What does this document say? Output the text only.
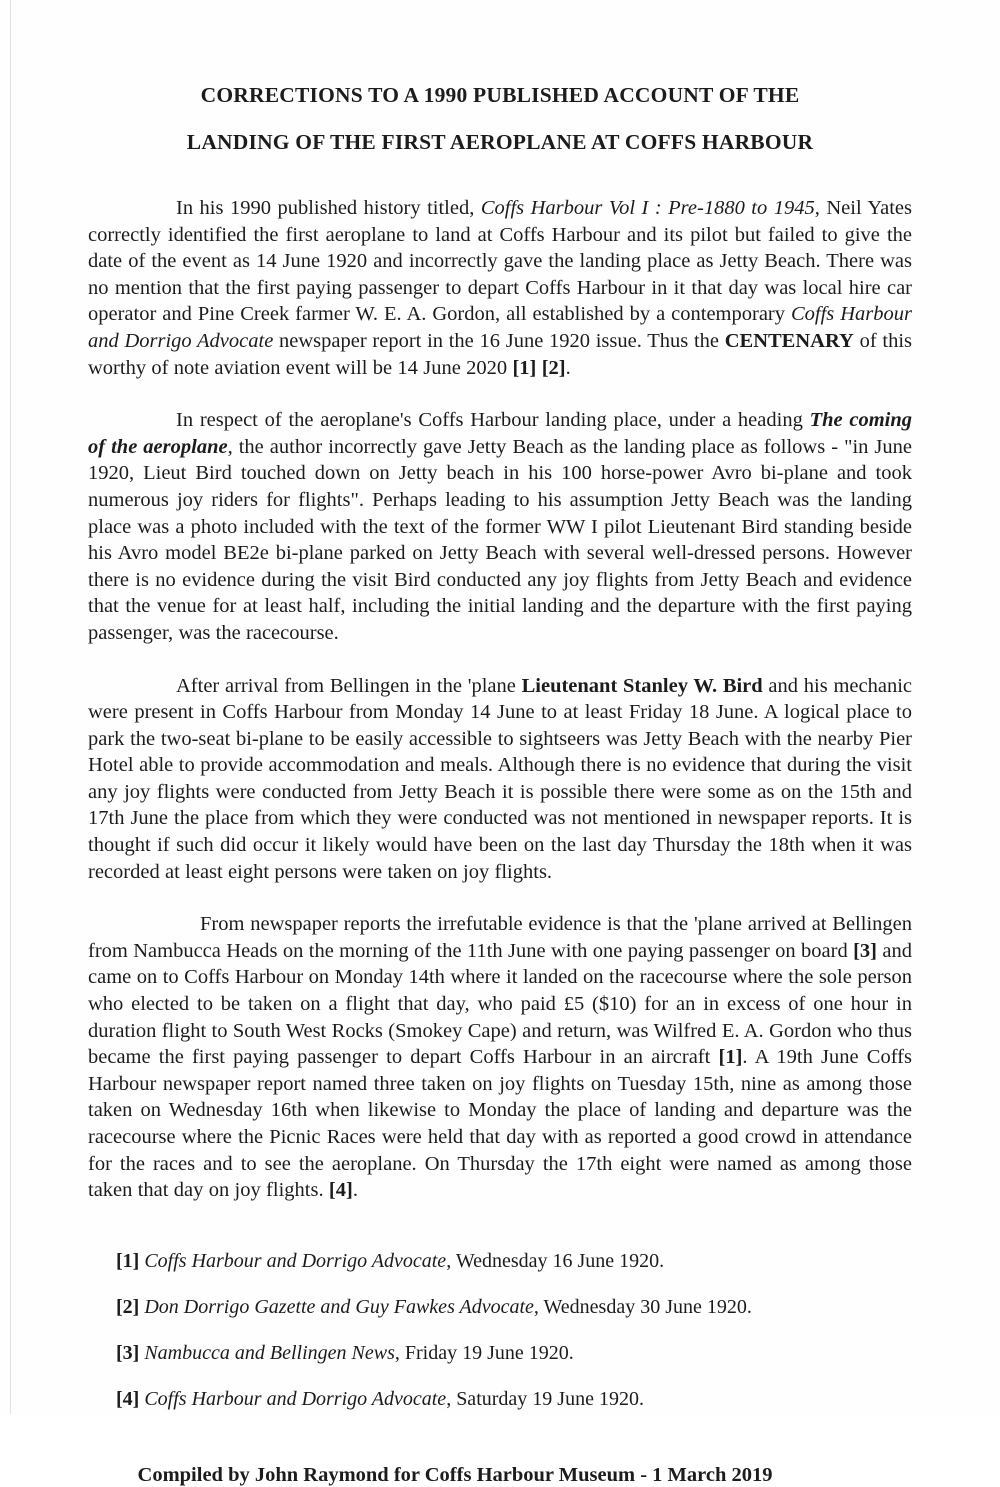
CORRECTIONS TO A 1990 PUBLISHED ACCOUNT OF THE
LANDING OF THE FIRST AEROPLANE AT COFFS HARBOUR

In his 1990 published history titled, Coffs Harbour Vol I : Pre-1880 to 1945, Neil Yates correctly identified the first aeroplane to land at Coffs Harbour and its pilot but failed to give the date of the event as 14 June 1920 and incorrectly gave the landing place as Jetty Beach. There was no mention that the first paying passenger to depart Coffs Harbour in it that day was local hire car operator and Pine Creek farmer W. E. A. Gordon, all established by a contemporary Coffs Harbour and Dorrigo Advocate newspaper report in the 16 June 1920 issue. Thus the CENTENARY of this worthy of note aviation event will be 14 June 2020 [1] [2].

In respect of the aeroplane's Coffs Harbour landing place, under a heading The coming of the aeroplane, the author incorrectly gave Jetty Beach as the landing place as follows - "in June 1920, Lieut Bird touched down on Jetty beach in his 100 horse-power Avro bi-plane and took numerous joy riders for flights". Perhaps leading to his assumption Jetty Beach was the landing place was a photo included with the text of the former WW I pilot Lieutenant Bird standing beside his Avro model BE2e bi-plane parked on Jetty Beach with several well-dressed persons. However there is no evidence during the visit Bird conducted any joy flights from Jetty Beach and evidence that the venue for at least half, including the initial landing and the departure with the first paying passenger, was the racecourse.

After arrival from Bellingen in the 'plane Lieutenant Stanley W. Bird and his mechanic were present in Coffs Harbour from Monday 14 June to at least Friday 18 June. A logical place to park the two-seat bi-plane to be easily accessible to sightseers was Jetty Beach with the nearby Pier Hotel able to provide accommodation and meals. Although there is no evidence that during the visit any joy flights were conducted from Jetty Beach it is possible there were some as on the 15th and 17th June the place from which they were conducted was not mentioned in newspaper reports. It is thought if such did occur it likely would have been on the last day Thursday the 18th when it was recorded at least eight persons were taken on joy flights.

From newspaper reports the irrefutable evidence is that the 'plane arrived at Bellingen from Nambucca Heads on the morning of the 11th June with one paying passenger on board [3] and came on to Coffs Harbour on Monday 14th where it landed on the racecourse where the sole person who elected to be taken on a flight that day, who paid £5 ($10) for an in excess of one hour in duration flight to South West Rocks (Smokey Cape) and return, was Wilfred E. A. Gordon who thus became the first paying passenger to depart Coffs Harbour in an aircraft [1]. A 19th June Coffs Harbour newspaper report named three taken on joy flights on Tuesday 15th, nine as among those taken on Wednesday 16th when likewise to Monday the place of landing and departure was the racecourse where the Picnic Races were held that day with as reported a good crowd in attendance for the races and to see the aeroplane. On Thursday the 17th eight were named as among those taken that day on joy flights. [4].

[1] Coffs Harbour and Dorrigo Advocate, Wednesday 16 June 1920.
[2] Don Dorrigo Gazette and Guy Fawkes Advocate, Wednesday 30 June 1920.
[3] Nambucca and Bellingen News, Friday 19 June 1920.
[4] Coffs Harbour and Dorrigo Advocate, Saturday 19 June 1920.
Compiled by John Raymond for Coffs Harbour Museum - 1 March 2019
